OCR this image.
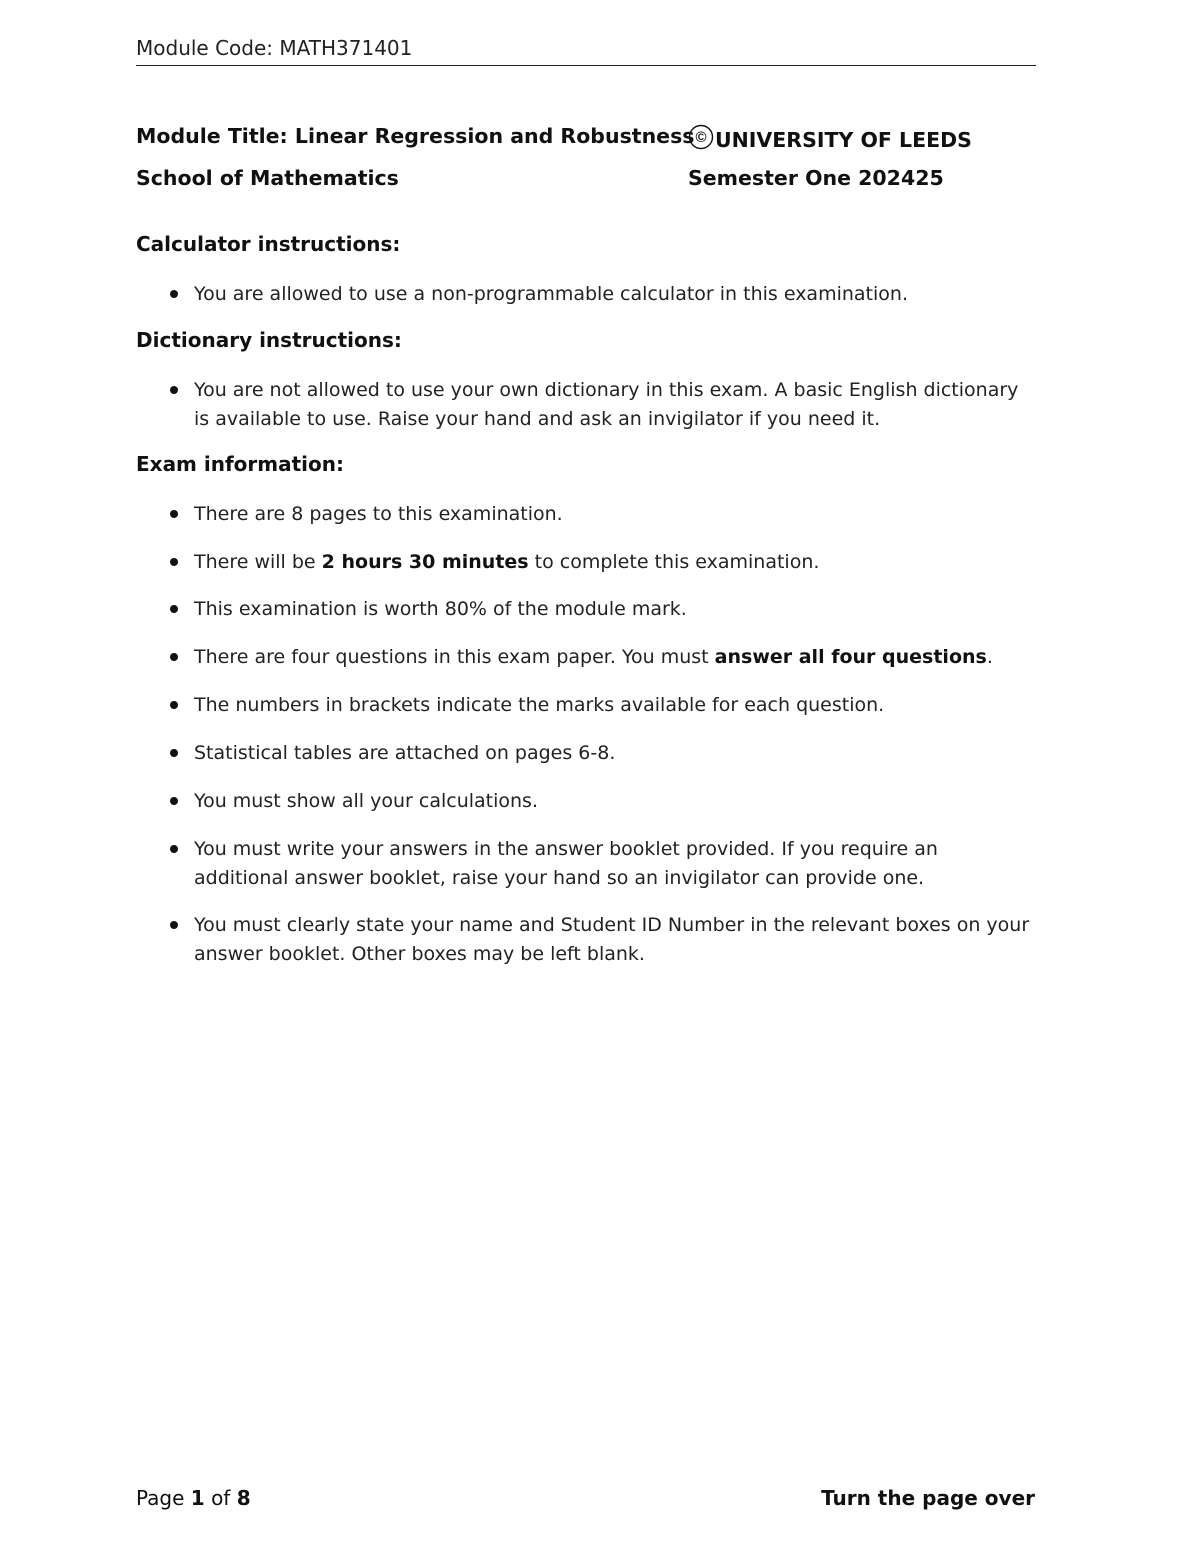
Module Code: MATH371401
Module Title: Linear Regression and Robustness © UNIVERSITY OF LEEDS
School of Mathematics	Semester One 202425
Calculator instructions:
You are allowed to use a non-programmable calculator in this examination.
Dictionary instructions:
You are not allowed to use your own dictionary in this exam. A basic English dictionary is available to use. Raise your hand and ask an invigilator if you need it.
Exam information:
There are 8 pages to this examination.
There will be 2 hours 30 minutes to complete this examination.
This examination is worth 80% of the module mark.
There are four questions in this exam paper. You must answer all four questions.
The numbers in brackets indicate the marks available for each question.
Statistical tables are attached on pages 6-8.
You must show all your calculations.
You must write your answers in the answer booklet provided. If you require an additional answer booklet, raise your hand so an invigilator can provide one.
You must clearly state your name and Student ID Number in the relevant boxes on your answer booklet. Other boxes may be left blank.
Page 1 of 8	Turn the page over
